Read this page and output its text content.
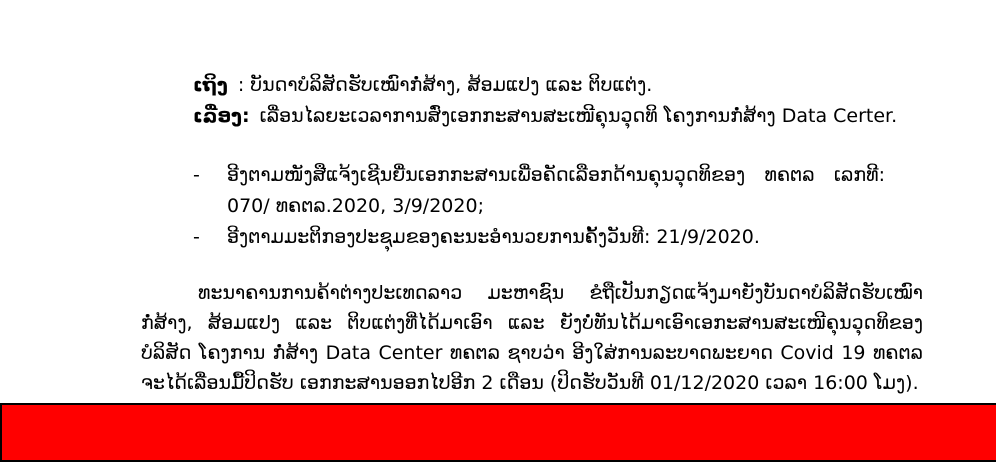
ເຖິງ : ບັນດາບໍລິສັດຮັບເໝົາກໍ່ສ້າງ, ສ້ອມແປງ ແລະ ຕິບແຕ່ງ.
ເລື່ອງ: ເລື່ອນໄລຍະເວລາການສົ່ງເອກກະສານສະເໜີຄຸນວຸດທິ ໂຄງການກໍ່ສ້າງ Data Certer.
-	ອີງຕາມໜັງສືແຈ້ງເຊີນຍື່ນເອກກະສານເພື່ອຄັດເລືອກດ້ານຄຸນວຸດທິຂອງ ທຄຕລ ເລກທີ: 070/ ທຄຕລ.2020, 3/9/2020;
-	ອີງຕາມມະຕິກອງປະຊຸມຂອງຄະນະອຳນວຍການຄັ້ງວັນທີ: 21/9/2020.
ທະນາຄານການຄ້າຕ່າງປະເທດລາວ ມະຫາຊົນ ຂໍຖືເປັນກຽດແຈ້ງມາຍັງບັນດາບໍລິສັດຮັບເໝົາກໍ່ສ້າງ, ສ້ອມແປງ ແລະ ຕິບແຕ່ງທີ່ໄດ້ມາເອົາ ແລະ ຍັງບໍ່ທັນໄດ້ມາເອົາເອກະສານສະເໜີຄຸນວຸດທິຂອງບໍລິສັດ ໂຄງການ ກໍ່ສ້າງ Data Center ທຄຕລ ຊາບວ່າ ອີງໃສ່ການລະບາດພະຍາດ Covid 19 ທຄຕລ ຈະໄດ້ເລື່ອນມື້ປິດຮັບ ເອກກະສານອອກໄປອີກ 2 ເດືອນ (ປິດຮັບວັນທີ 01/12/2020 ເວລາ 16:00 ໂມງ).
